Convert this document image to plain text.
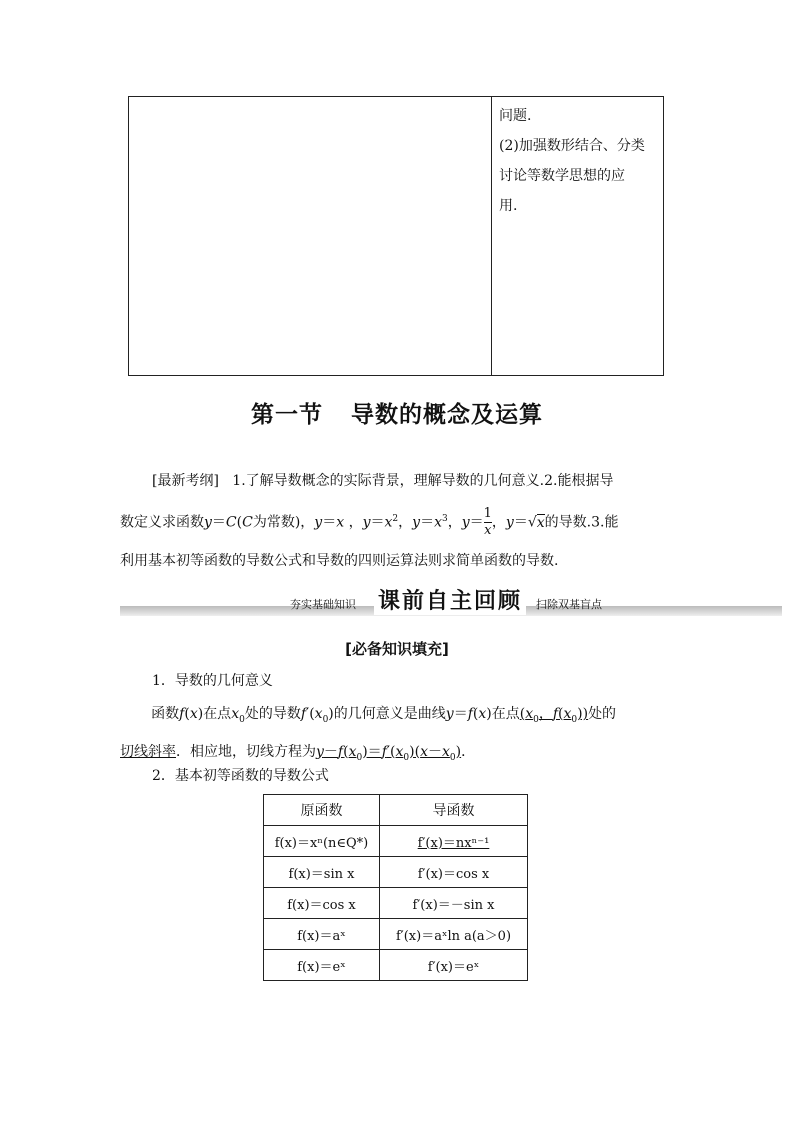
问题.
(2)加强数形结合、分类
讨论等数学思想的应
用.
第一节 导数的概念及运算

[最新考纲] 1.了解导数概念的实际背景，理解导数的几何意义.2.能根据导

数定义求函数y＝C(C为常数)，y＝x ，$y=x^2$，$y=x^3$，$y= \frac{1}{x}$ ，y＝√x的导数.3.能

利用基本初等函数的导数公式和导数的四则运算法则求简单函数的导数.

夯实基础知识 课前自主回顾	扫除双基盲点
[必备知识填充]
1．导数的几何意义
函数f(x)在点$x_0$处的导数$f'(x_0)$的几何意义是曲线y＝f(x)在点($x_0$，$f(x_0)$)处的
切线斜率．相应地，切线方程为$y-f(x_0)=f'(x_0)(x-x_0)$．
2．基本初等函数的导数公式
原函数	导函数
f(x)＝xⁿ(n∈Q*)	f′(x)＝nxⁿ⁻¹
f(x)＝sin x	f′(x)＝cos x
f(x)＝cos x	f′(x)＝－sin x
f(x)＝aˣ	f′(x)＝aˣln a(a＞0)
f(x)＝eˣ	f′(x)＝eˣ
